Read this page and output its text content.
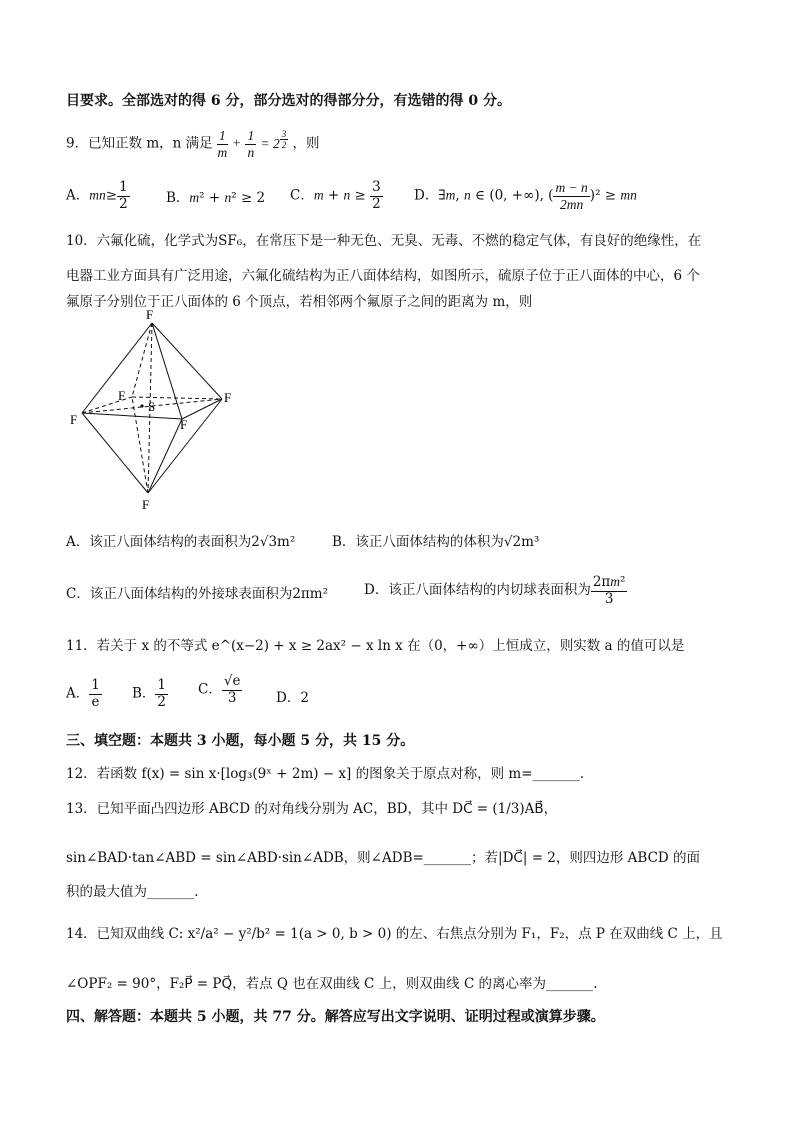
目要求。全部选对的得 6 分，部分选对的得部分分，有选错的得 0 分。
9．已知正数 m，n 满足 $\frac{1}{m} + \frac{1}{n} = 2$ $^{\frac{3}{2}}$ ，则
A．$mn\ge \frac{1}{2}$	B．m² + n² ≥ 2 C．$m + n \ge \frac{3}{2}$ D．∃m, n ∈ (0, +∞), ( $\frac{m - n}{2mn} )^2$ ≥ mn
10．六氟化硫，化学式为SF₆，在常压下是一种无色、无臭、无毒、不燃的稳定气体，有良好的绝缘性，在
电器工业方面具有广泛用途，六氟化硫结构为正八面体结构，如图所示，硫原子位于正八面体的中心，6 个
氟原子分别位于正八面体的 6 个顶点，若相邻两个氟原子之间的距离为 m，则
F
F
F	F
F
F
S
A．该正八面体结构的表面积为2√3m²	B．该正八面体结构的体积为√2m³
C．该正八面体结构的外接球表面积为2πm²	D．该正八面体结构的内切球表面积为 $\frac{\text{2πm²}}{3}$
11．若关于 x 的不等式 e^(x−2) + x ≥ 2ax² − x ln x 在（0，+∞）上恒成立，则实数 a 的值可以是
A． $\frac{1}{e}$ B． $\frac{1}{2}$ C． $\frac{√e}{3}$ D．2
三、填空题：本题共 3 小题，每小题 5 分，共 15 分。
12．若函数 f(x) = sin x·[log₃(9ˣ + 2m) − x] 的图象关于原点对称，则 m=_______.
13．已知平面凸四边形 ABCD 的对角线分别为 AC，BD，其中 DC⃗ = (1/3)AB⃗，
sin∠BAD·tan∠ABD = sin∠ABD·sin∠ADB，则∠ADB=_______；若|DC⃗| = 2，则四边形 ABCD 的面
积的最大值为_______.
14．已知双曲线 C: x²/a² − y²/b² = 1(a > 0, b > 0) 的左、右焦点分别为 F₁，F₂，点 P 在双曲线 C 上，且
∠OPF₂ = 90°，F₂P⃗ = PQ⃗，若点 Q 也在双曲线 C 上，则双曲线 C 的离心率为_______.
四、解答题：本题共 5 小题，共 77 分。解答应写出文字说明、证明过程或演算步骤。
